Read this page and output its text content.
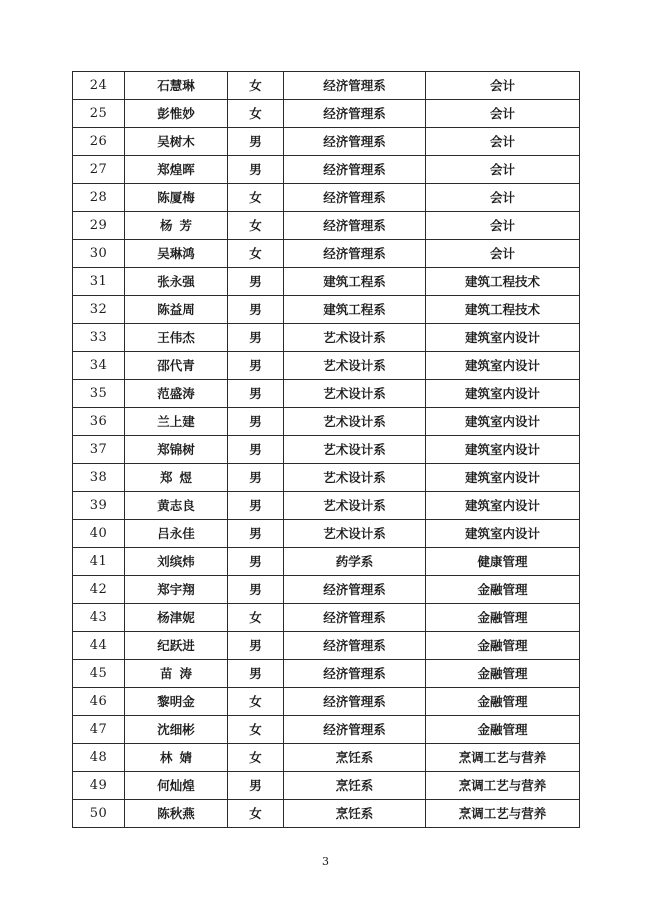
24	石慧琳	女	经济管理系	会计
25	彭惟妙	女	经济管理系	会计
26	吴树木	男	经济管理系	会计
27	郑煌晖	男	经济管理系	会计
28	陈厦梅	女	经济管理系	会计
29	杨芳	女	经济管理系	会计
30	吴琳鸿	女	经济管理系	会计
31	张永强	男	建筑工程系	建筑工程技术
32	陈益周	男	建筑工程系	建筑工程技术
33	王伟杰	男	艺术设计系	建筑室内设计
34	邵代青	男	艺术设计系	建筑室内设计
35	范盛涛	男	艺术设计系	建筑室内设计
36	兰上建	男	艺术设计系	建筑室内设计
37	郑锦树	男	艺术设计系	建筑室内设计
38	郑煜	男	艺术设计系	建筑室内设计
39	黄志良	男	艺术设计系	建筑室内设计
40	吕永佳	男	艺术设计系	建筑室内设计
41	刘缤炜	男	药学系	健康管理
42	郑宇翔	男	经济管理系	金融管理
43	杨津妮	女	经济管理系	金融管理
44	纪跃进	男	经济管理系	金融管理
45	苗涛	男	经济管理系	金融管理
46	黎明金	女	经济管理系	金融管理
47	沈细彬	女	经济管理系	金融管理
48	林婧	女	烹饪系	烹调工艺与营养
49	何灿煌	男	烹饪系	烹调工艺与营养
50	陈秋燕	女	烹饪系	烹调工艺与营养
3
